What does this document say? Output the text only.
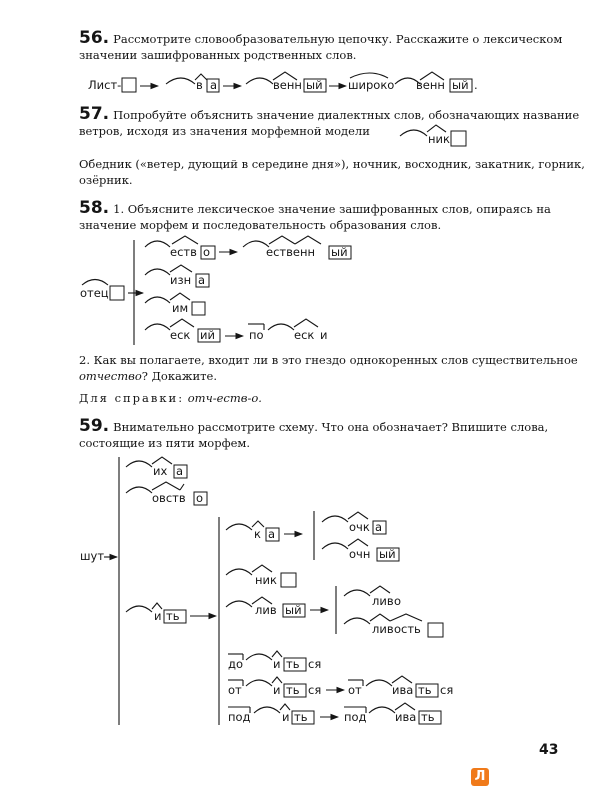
56. Рассмотрите словообразовательную цепочку. Расскажите о лексическом значении зашифрованных родственных слов.
57. Попробуйте объяснить значение диалектных слов, обозначающих название ветров, исходя из значения морфемной модели
Обедник («ветер, дующий в середине дня»), ночник, восходник, закатник, горник, озёрник.
58. 1. Объясните лексическое значение зашифрованных слов, опираясь на значение морфем и последовательность образования слов.
2. Как вы полагаете, входит ли в это гнездо однокоренных слов существительное отчество? Докажите.
Для справки: отч-еств-о.
59. Внимательно рассмотрите схему. Что она обозначает? Впишите слова, состоящие из пяти морфем.
Лист-	в а	венн ый широко венн ый .
ник
отец
еств о	ественн ый
изн а
им
еск ий	по	еск и
шут
их а
овств о
к а	очк а
очн ый
ник
и ть	лив ый
лив о
лив ость
до	и ть ся
от	и ть ся от	ива ть ся
под	и ть	под ива ть
43
Л
